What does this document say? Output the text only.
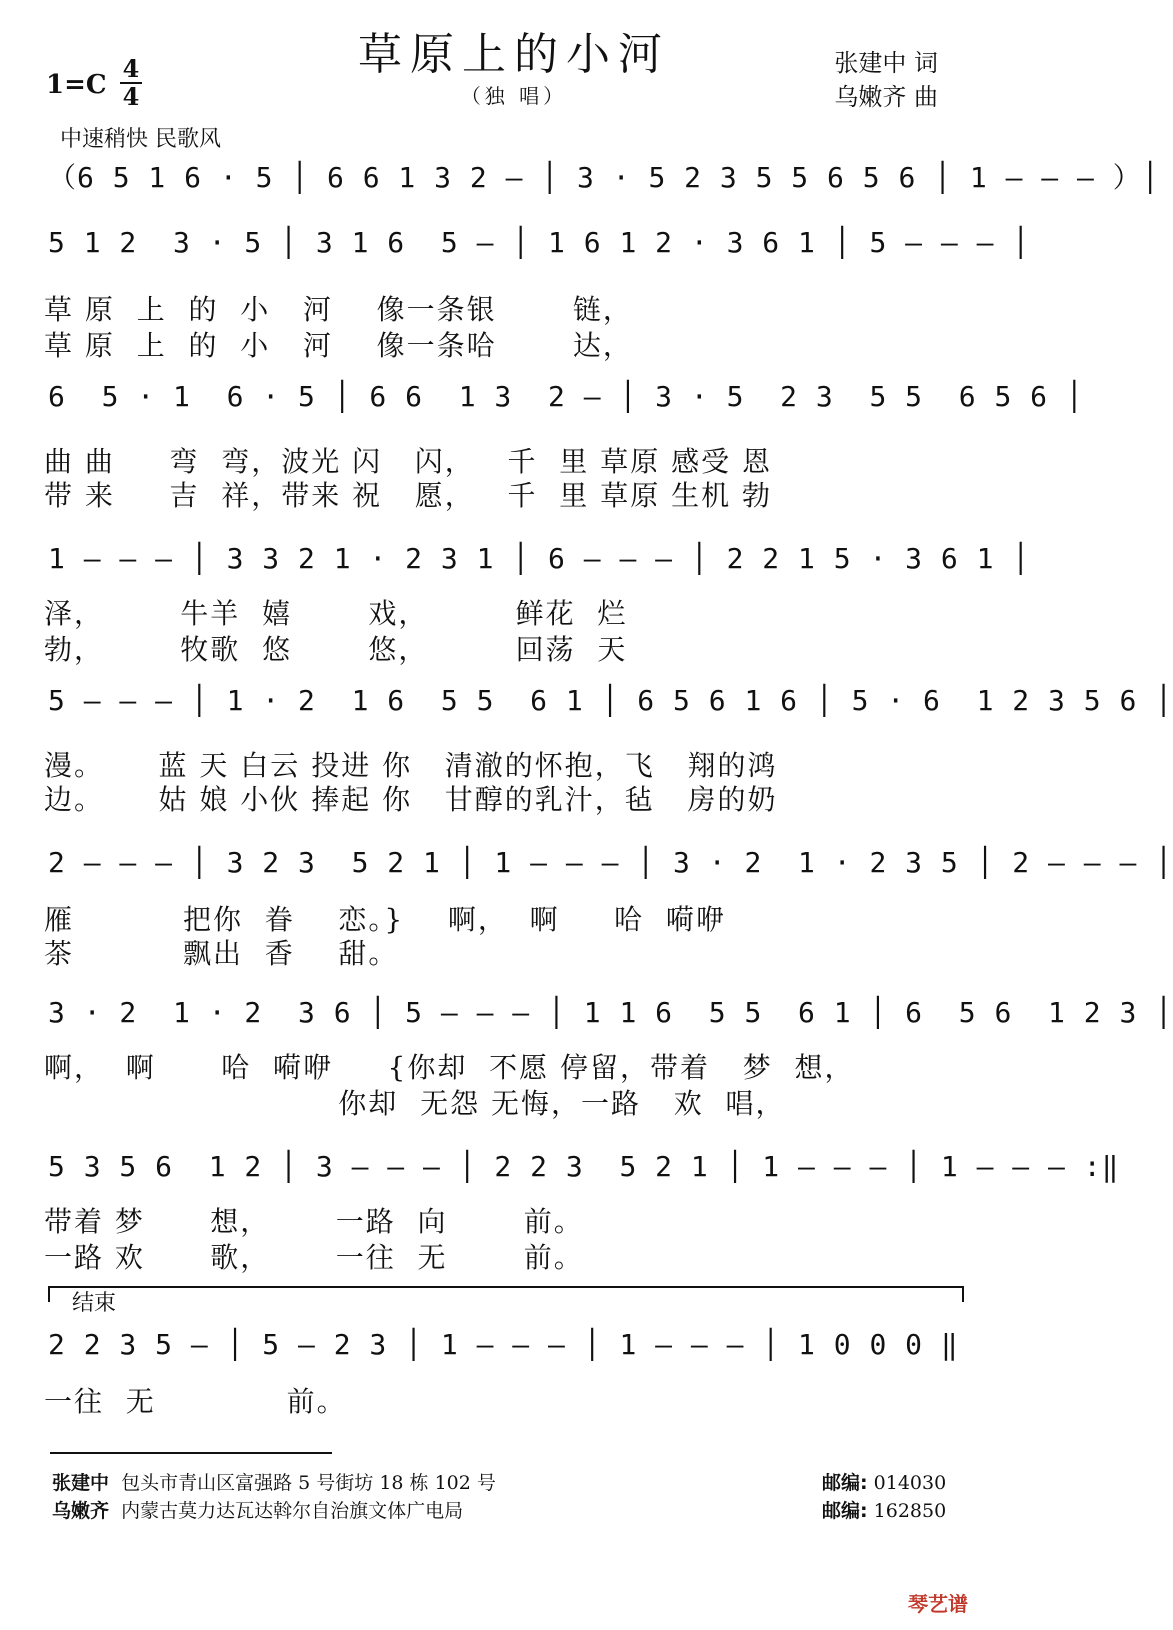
草原上的小河
（独 唱）
张建中 词
乌嫩齐 曲
1=C
4
4
中速稍快 民歌风
（6 5 1 6 · 5 │ 6 6 1 3 2 — │ 3 · 5 2 3 5 5 6 5 6 │ 1 — — — ）│
5 1 2  3 · 5 │ 3 1 6  5 — │ 1 6 1 2 · 3 6 1 │ 5 — — — │
草 原  上  的  小   河    像一条银       链，
草 原  上  的  小   河    像一条哈       达，
6  5 · 1  6 · 5 │ 6 6  1 3  2 — │ 3 · 5  2 3  5 5  6 5 6 │
曲 曲     弯  弯，波光 闪   闪，   千  里 草原 感受 恩
带 来     吉  祥，带来 祝   愿，   千  里 草原 生机 勃
1 — — — │ 3 3 2 1 · 2 3 1 │ 6 — — — │ 2 2 1 5 · 3 6 1 │
泽，       牛羊  嬉       戏，        鲜花  烂
勃，       牧歌  悠       悠，        回荡  天
5 — — — │ 1 · 2  1 6  5 5  6 1 │ 6 5 6 1 6 │ 5 · 6  1 2 3 5 6 │
漫。     蓝 天 白云 投进 你   清澈的怀抱，飞   翔的鸿
边。     姑 娘 小伙 捧起 你   甘醇的乳汁，毡   房的奶
2 — — — │ 3 2 3  5 2 1 │ 1 — — — │ 3 · 2  1 · 2 3 5 │ 2 — — — │
雁          把你  眷    恋。}    啊，  啊     哈  嗬咿
茶          飘出  香    甜。
3 · 2  1 · 2  3 6 │ 5 — — — │ 1 1 6  5 5  6 1 │ 6  5 6  1 2 3 │
啊，  啊      哈  嗬咿     {你却  不愿 停留，带着   梦  想，
你却  无怨 无悔，一路   欢  唱，
5 3 5 6  1 2 │ 3 — — — │ 2 2 3  5 2 1 │ 1 — — — │ 1 — — — :‖
带着 梦      想，      一路  向       前。
一路 欢      歌，      一往  无       前。
结束
2 2 3 5 — │ 5 — 2 3 │ 1 — — — │ 1 — — — │ 1 0 0 0 ‖
一往  无            前。
张建中 包头市青山区富强路 5 号街坊 18 栋 102 号
乌嫩齐 内蒙古莫力达瓦达斡尔自治旗文体广电局
邮编: 014030
邮编: 162850
琴艺谱
